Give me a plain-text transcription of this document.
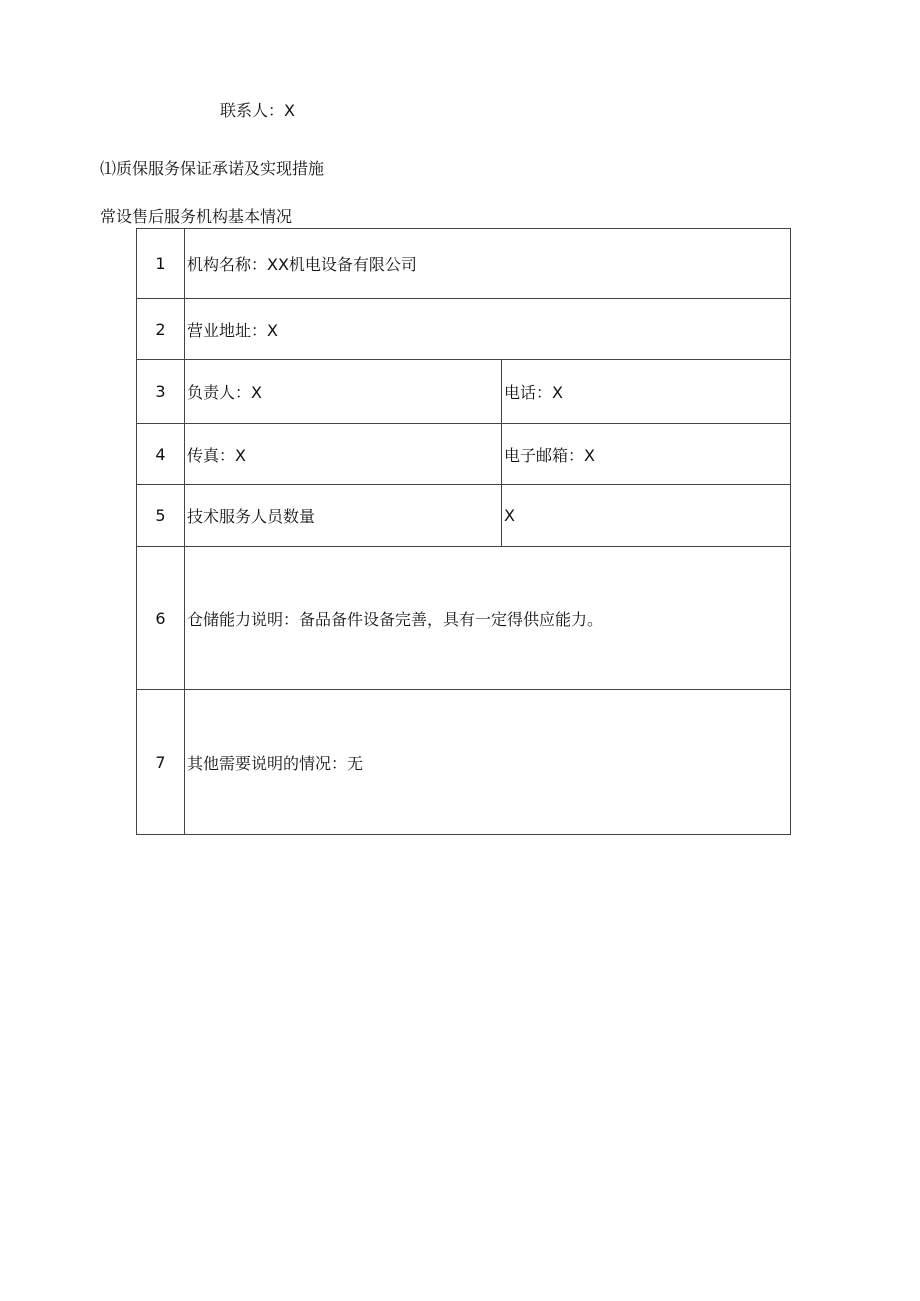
联系人：X
⑴质保服务保证承诺及实现措施
常设售后服务机构基本情况
1	机构名称：XX机电设备有限公司	
2	营业地址：X	
3	负责人：X	电话：X
4	传真：X	电子邮箱：X
5	技术服务人员数量	X
6	仓储能力说明：备品备件设备完善，具有一定得供应能力。	
7	其他需要说明的情况：无	
